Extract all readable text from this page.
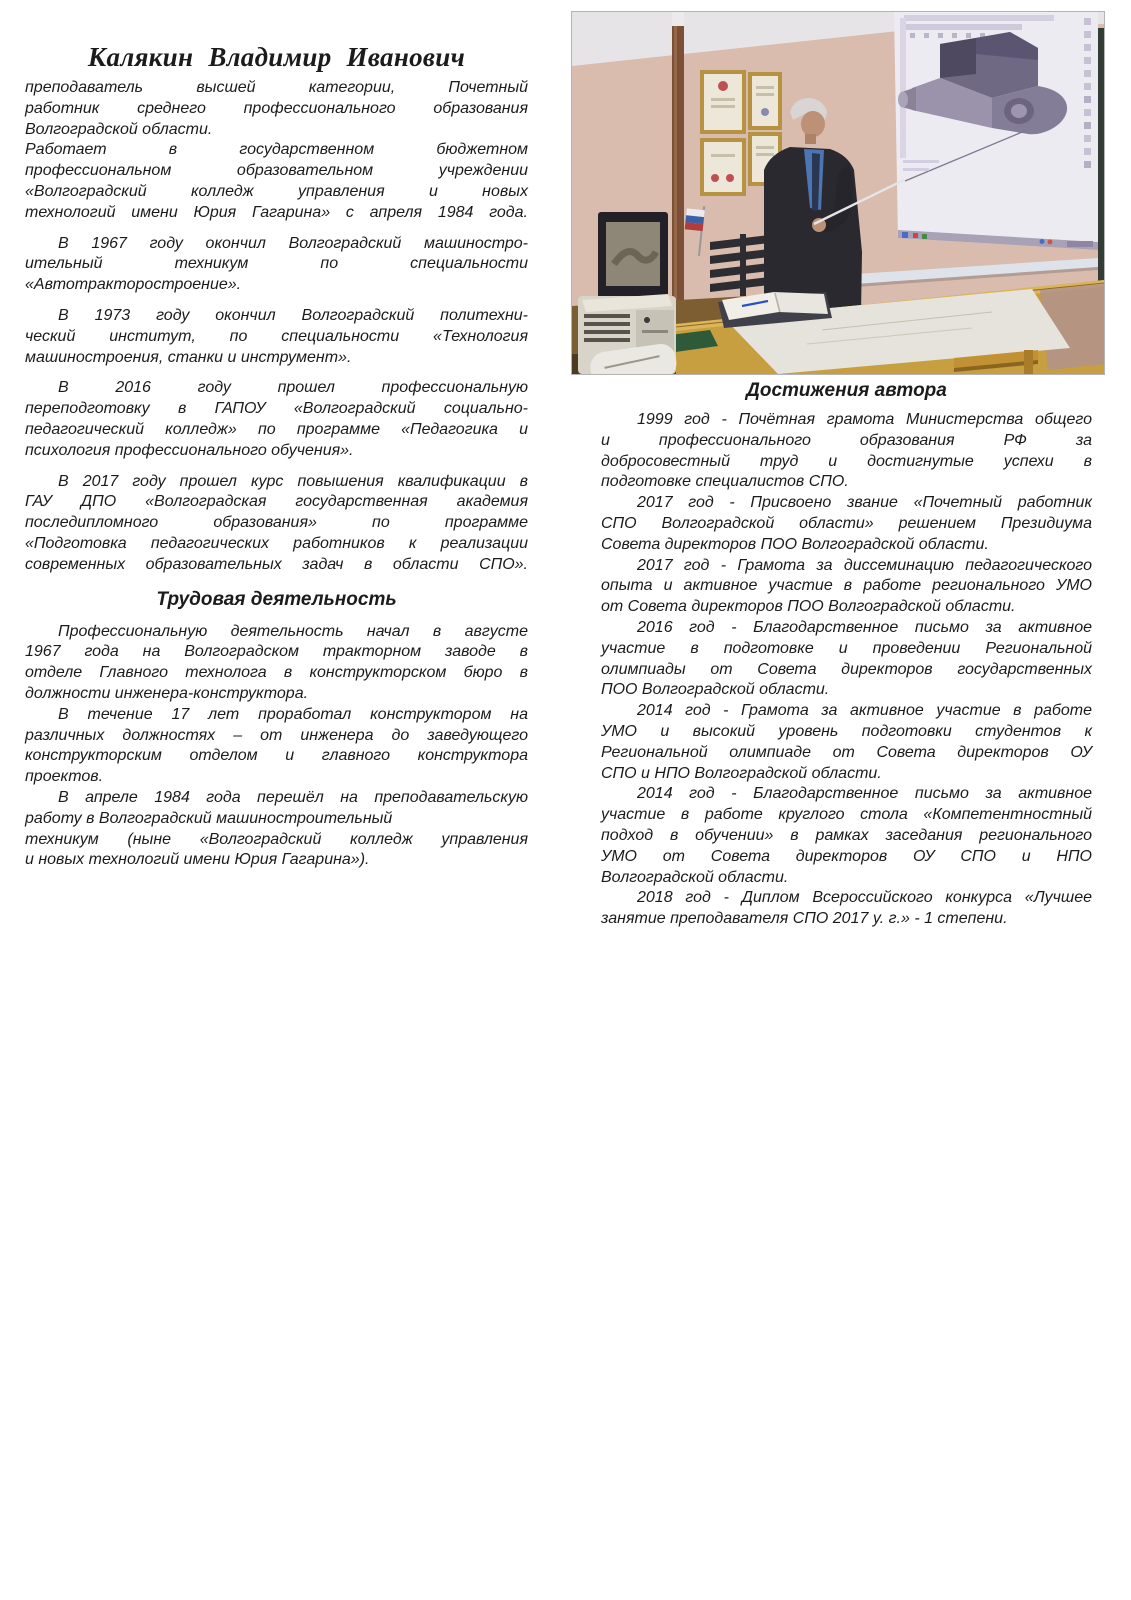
Калякин Владимир Иванович
преподаватель высшей категории, Почетный
работник среднего профессионального образования
Волгоградской области.
Работает в государственном бюджетном
профессиональном образовательном учреждении
«Волгоградский колледж управления и новых
технологий имени Юрия Гагарина» с апреля 1984 года.
В 1967 году окончил Волгоградский машиностро-
ительный техникум по специальности
«Автотракторостроение».
В 1973 году окончил Волгоградский политехни-
ческий институт, по специальности «Технология
машиностроения, станки и инструмент».
В 2016 году прошел профессиональную
переподготовку в ГАПОУ «Волгоградский социально-
педагогический колледж» по программе «Педагогика и
психология профессионального обучения».
В 2017 году прошел курс повышения квалификации в
ГАУ ДПО «Волгоградская государственная академия
последипломного образования» по программе
«Подготовка педагогических работников к реализации
современных образовательных задач в области СПО».
Трудовая деятельность
Профессиональную деятельность начал в августе
1967 года на Волгоградском тракторном заводе в
отделе Главного технолога в конструкторском бюро в
должности инженера-конструктора.
В течение 17 лет проработал конструктором на
различных должностях – от инженера до заведующего
конструкторским отделом и главного конструктора
проектов.
В апреле 1984 года перешёл на преподавательскую
работу в Волгоградский машиностроительный
техникум (ныне «Волгоградский колледж управления
и новых технологий имени Юрия Гагарина»).
Достижения автора
1999 год - Почётная грамота Министерства общего
и профессионального образования РФ за
добросовестный труд и достигнутые успехи в
подготовке специалистов СПО.
2017 год - Присвоено звание «Почетный работник
СПО Волгоградской области» решением Президиума
Совета директоров ПОО Волгоградской области.
2017 год - Грамота за диссеминацию педагогического
опыта и активное участие в работе регионального УМО
от Совета директоров ПОО Волгоградской области.
2016 год - Благодарственное письмо за активное
участие в подготовке и проведении Региональной
олимпиады от Совета директоров государственных
ПОО Волгоградской области.
2014 год - Грамота за активное участие в работе
УМО и высокий уровень подготовки студентов к
Региональной олимпиаде от Совета директоров ОУ
СПО и НПО Волгоградской области.
2014 год - Благодарственное письмо за активное
участие в работе круглого стола «Компетентностный
подход в обучении» в рамках заседания регионального
УМО от Совета директоров ОУ СПО и НПО
Волгоградской области.
2018 год - Диплом Всероссийского конкурса «Лучшее
занятие преподавателя СПО 2017 у. г.» - 1 степени.
